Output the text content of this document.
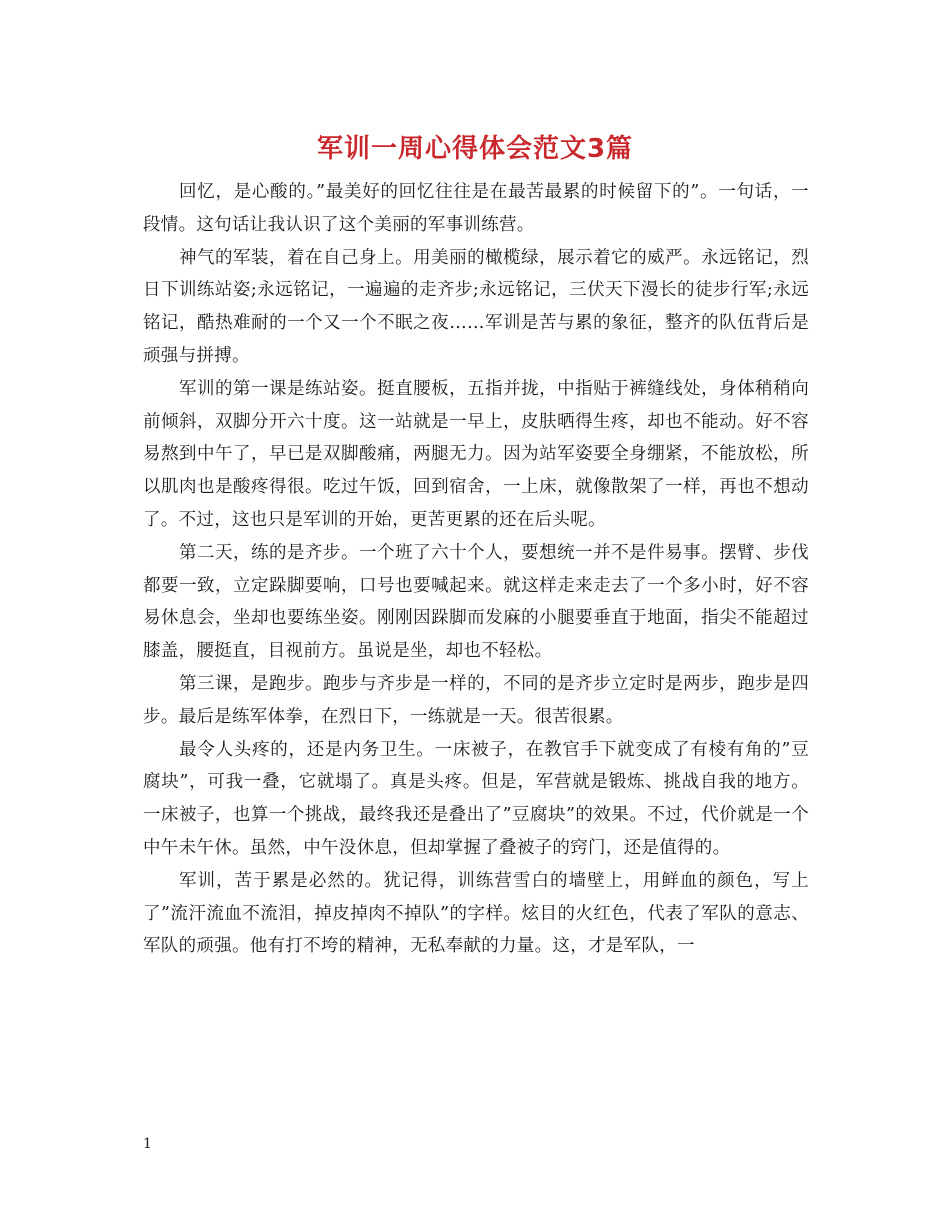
军训一周心得体会范文3篇

回忆，是心酸的。”最美好的回忆往往是在最苦最累的时候留下的”。一句话，一段情。这句话让我认识了这个美丽的军事训练营。

神气的军装，着在自己身上。用美丽的橄榄绿，展示着它的威严。永远铭记，烈日下训练站姿;永远铭记，一遍遍的走齐步;永远铭记，三伏天下漫长的徒步行军;永远铭记，酷热难耐的一个又一个不眠之夜……军训是苦与累的象征，整齐的队伍背后是顽强与拼搏。

军训的第一课是练站姿。挺直腰板，五指并拢，中指贴于裤缝线处，身体稍稍向前倾斜，双脚分开六十度。这一站就是一早上，皮肤晒得生疼，却也不能动。好不容易熬到中午了，早已是双脚酸痛，两腿无力。因为站军姿要全身绷紧，不能放松，所以肌肉也是酸疼得很。吃过午饭，回到宿舍，一上床，就像散架了一样，再也不想动了。不过，这也只是军训的开始，更苦更累的还在后头呢。

第二天，练的是齐步。一个班了六十个人，要想统一并不是件易事。摆臂、步伐都要一致，立定跺脚要响，口号也要喊起来。就这样走来走去了一个多小时，好不容易休息会，坐却也要练坐姿。刚刚因跺脚而发麻的小腿要垂直于地面，指尖不能超过膝盖，腰挺直，目视前方。虽说是坐，却也不轻松。

第三课，是跑步。跑步与齐步是一样的，不同的是齐步立定时是两步，跑步是四步。最后是练军体拳，在烈日下，一练就是一天。很苦很累。

最令人头疼的，还是内务卫生。一床被子，在教官手下就变成了有棱有角的”豆腐块”，可我一叠，它就塌了。真是头疼。但是，军营就是锻炼、挑战自我的地方。一床被子，也算一个挑战，最终我还是叠出了”豆腐块”的效果。不过，代价就是一个中午未午休。虽然，中午没休息，但却掌握了叠被子的窍门，还是值得的。

军训，苦于累是必然的。犹记得，训练营雪白的墙壁上，用鲜血的颜色，写上了”流汗流血不流泪，掉皮掉肉不掉队”的字样。炫目的火红色，代表了军队的意志、军队的顽强。他有打不垮的精神，无私奉献的力量。这，才是军队，一

1
